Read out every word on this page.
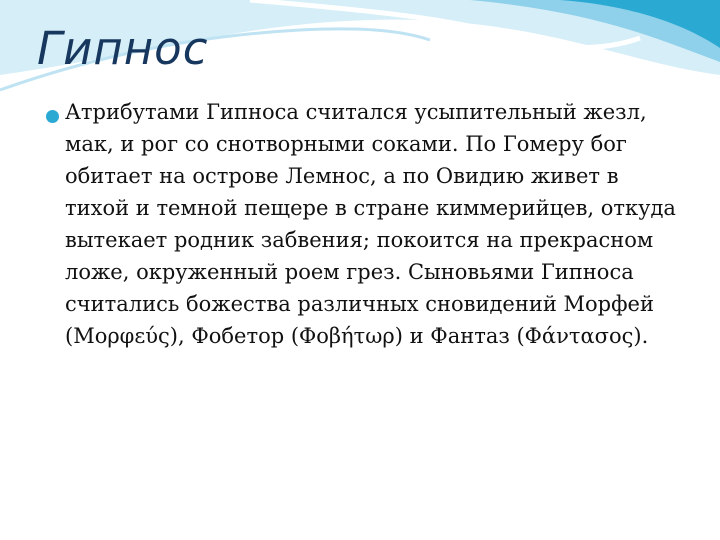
Гипнос

Атрибутами Гипноса считался усыпительный жезл, мак, и рог со снотворными соками. По Гомеру бог обитает на острове Лемнос, а по Овидию живет в тихой и темной пещере в стране киммерийцев, откуда вытекает родник забвения; покоится на прекрасном ложе, окруженный роем грез. Сыновьями Гипноса считались божества различных сновидений Морфей (Μορφεύς), Фобетор (Φοβήτωρ) и Фантаз (Φάντασος).
